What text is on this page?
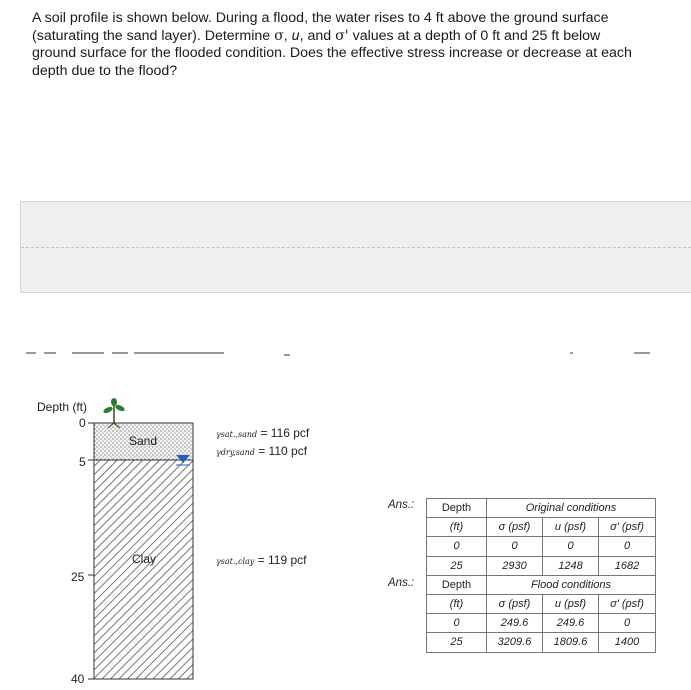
A soil profile is shown below. During a flood, the water rises to 4 ft above the ground surface (saturating the sand layer). Determine σ, u, and σ' values at a depth of 0 ft and 25 ft below ground surface for the flooded condition. Does the effective stress increase or decrease at each depth due to the flood?
Depth (ft)
0
5
25
40
Sand
Clay
γsat.,sand = 116 pcf
γdry,sand = 110 pcf
γsat.,clay = 119 pcf
Ans.:
Ans.:
Depth	Original conditions		
(ft)	σ (psf)	u (psf)	σ' (psf)
0	0	0	0
25	2930	1248	1682
Depth	Flood conditions		
(ft)	σ (psf)	u (psf)	σ' (psf)
0	249.6	249.6	0
25	3209.6	1809.6	1400
